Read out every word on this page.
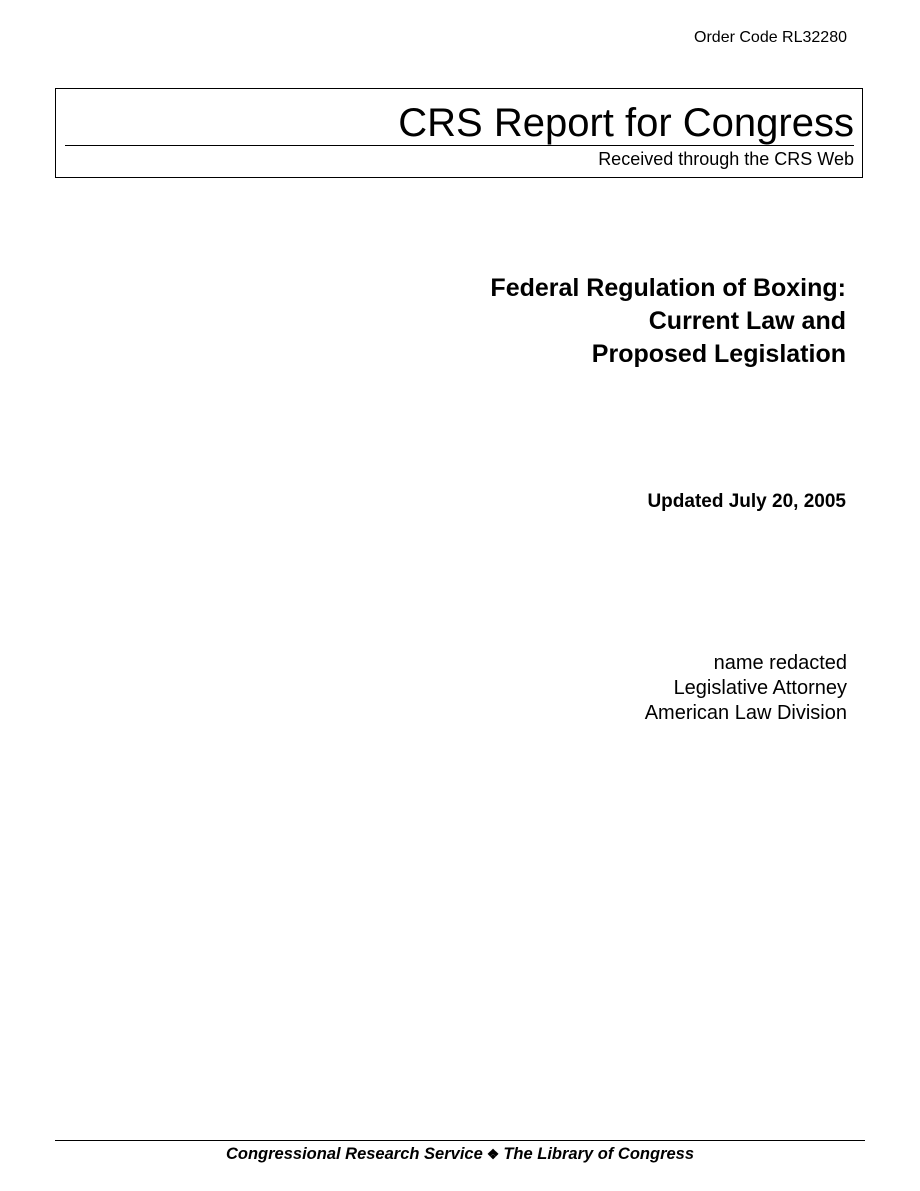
Order Code RL32280
CRS Report for Congress
Received through the CRS Web
Federal Regulation of Boxing:
Current Law and
Proposed Legislation
Updated July 20, 2005
name redacted
Legislative Attorney
American Law Division
Congressional Research Service ❖ The Library of Congress
